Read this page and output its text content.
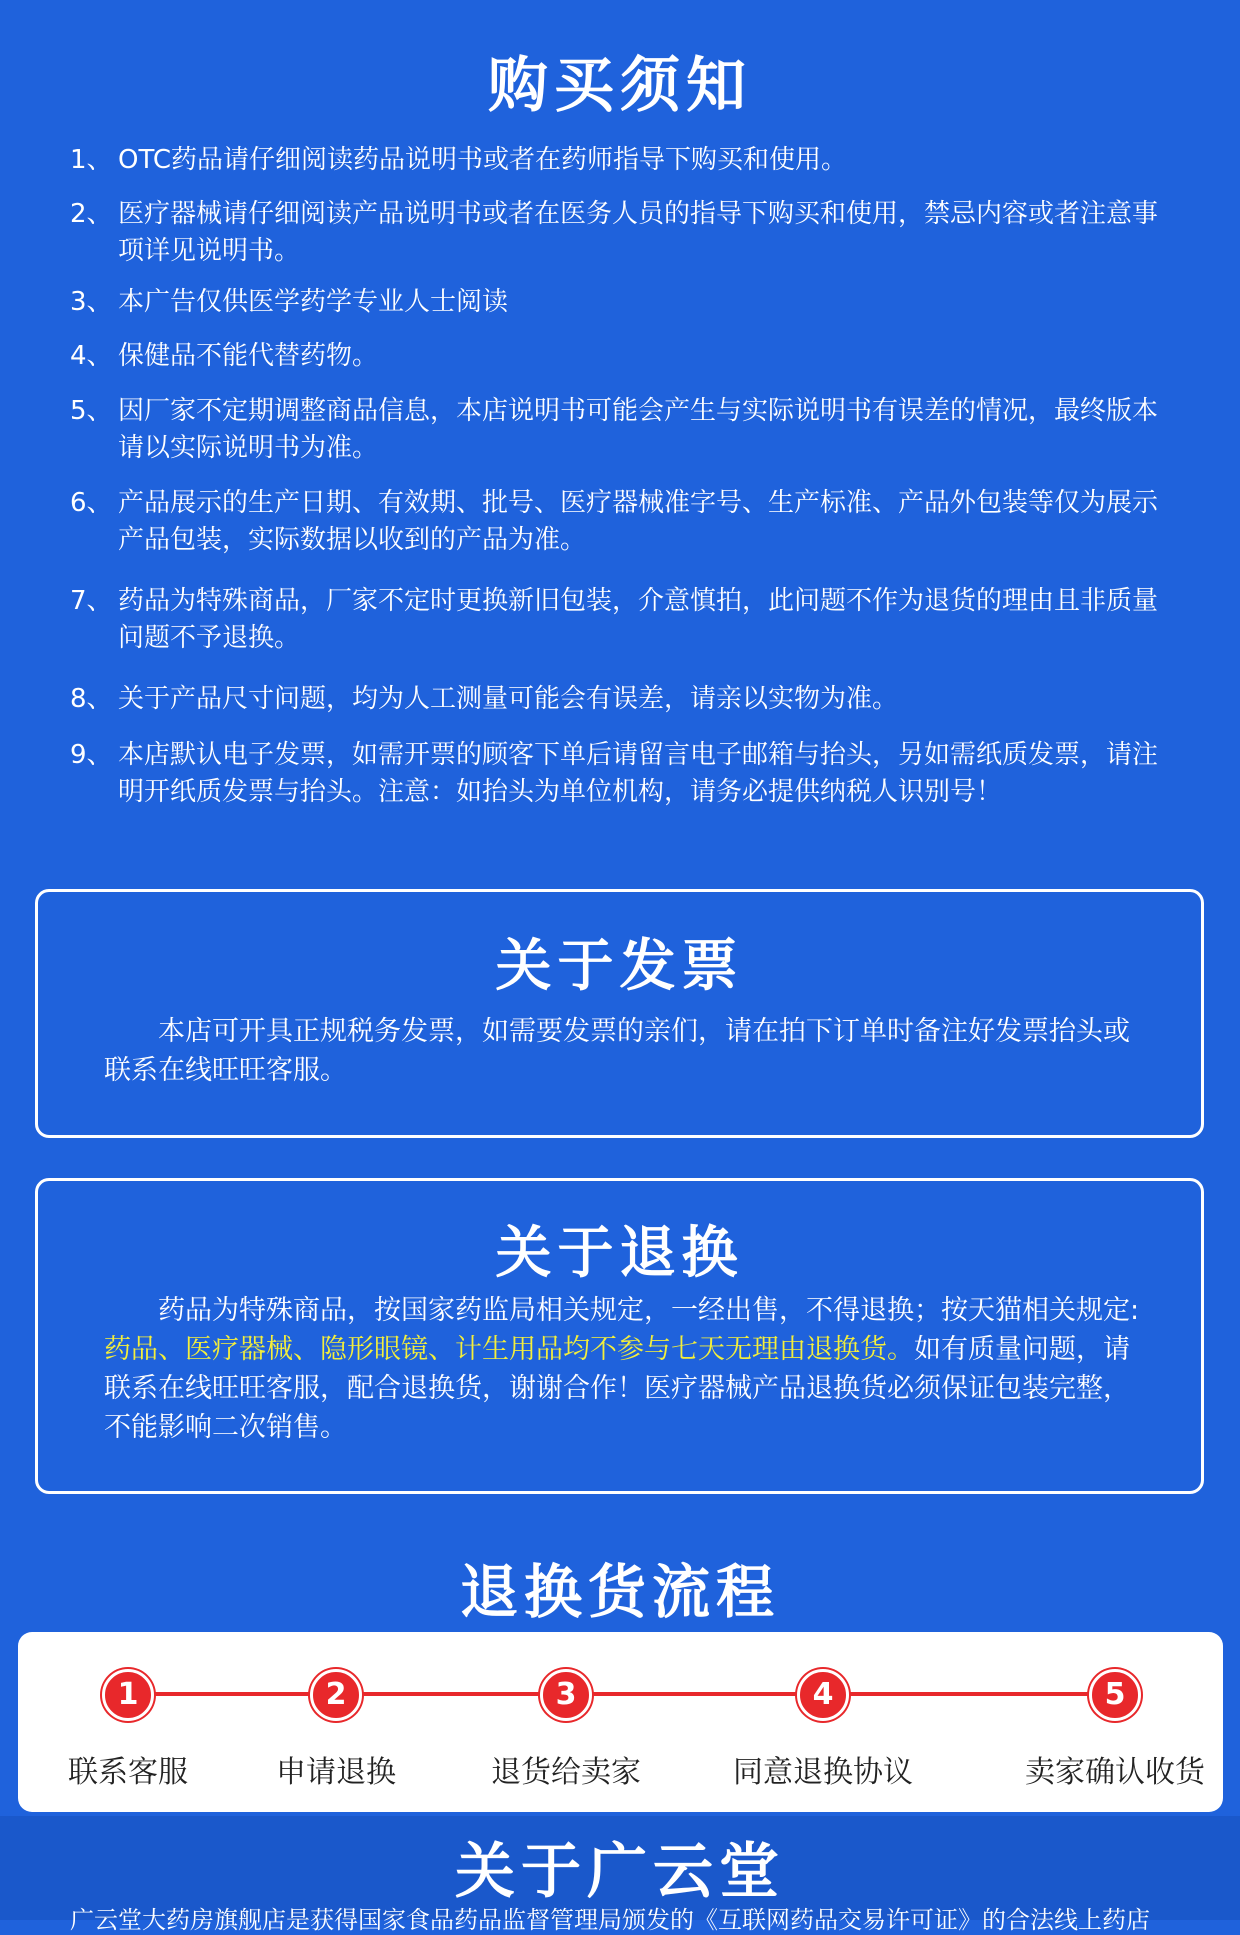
购买须知
1、 OTC药品请仔细阅读药品说明书或者在药师指导下购买和使用。
2、 医疗器械请仔细阅读产品说明书或者在医务人员的指导下购买和使用，禁忌内容或者注意事项详见说明书。
3、 本广告仅供医学药学专业人士阅读
4、 保健品不能代替药物。
5、 因厂家不定期调整商品信息，本店说明书可能会产生与实际说明书有误差的情况，最终版本请以实际说明书为准。
6、 产品展示的生产日期、有效期、批号、医疗器械准字号、生产标准、产品外包装等仅为展示产品包装，实际数据以收到的产品为准。
7、 药品为特殊商品，厂家不定时更换新旧包装，介意慎拍，此问题不作为退货的理由且非质量问题不予退换。
8、 关于产品尺寸问题，均为人工测量可能会有误差，请亲以实物为准。
9、 本店默认电子发票，如需开票的顾客下单后请留言电子邮箱与抬头，另如需纸质发票，请注明开纸质发票与抬头。注意：如抬头为单位机构，请务必提供纳税人识别号！
关于发票
本店可开具正规税务发票，如需要发票的亲们，请在拍下订单时备注好发票抬头或联系在线旺旺客服。
关于退换
药品为特殊商品，按国家药监局相关规定，一经出售，不得退换；按天猫相关规定:药品、医疗器械、隐形眼镜、计生用品均不参与七天无理由退换货。如有质量问题，请联系在线旺旺客服，配合退换货，谢谢合作！医疗器械产品退换货必须保证包装完整，不能影响二次销售。
退换货流程
1
联系客服
2
申请退换
3
退货给卖家
4
同意退换协议
5
卖家确认收货
关于广云堂
广云堂大药房旗舰店是获得国家食品药品监督管理局颁发的《互联网药品交易许可证》的合法线上药店
